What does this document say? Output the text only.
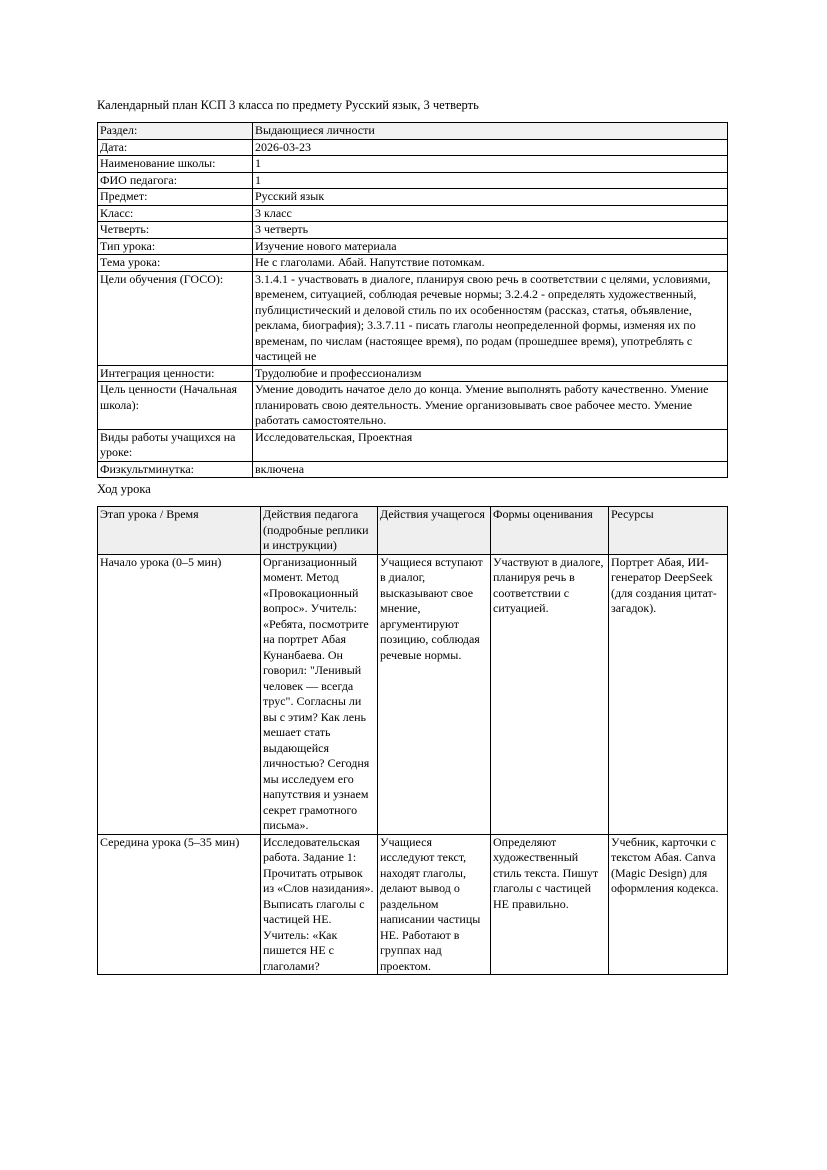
Календарный план КСП 3 класса по предмету Русский язык, 3 четверть
Раздел:	Выдающиеся личности
Дата:	2026-03-23
Наименование школы:	1
ФИО педагога:	1
Предмет:	Русский язык
Класс:	3 класс
Четверть:	3 четверть
Тип урока:	Изучение нового материала
Тема урока:	Не с глаголами. Абай. Напутствие потомкам.
Цели обучения (ГОСО):	3.1.4.1 - участвовать в диалоге, планируя свою речь в соответствии с целями, условиями, временем, ситуацией, соблюдая речевые нормы; 3.2.4.2 - определять художественный, публицистический и деловой стиль по их особенностям (рассказ, статья, объявление, реклама, биография); 3.3.7.11 - писать глаголы неопределенной формы, изменяя их по временам, по числам (настоящее время), по родам (прошедшее время), употреблять с частицей не
Интеграция ценности:	Трудолюбие и профессионализм
Цель ценности (Начальная школа):	Умение доводить начатое дело до конца. Умение выполнять работу качественно. Умение планировать свою деятельность. Умение организовывать свое рабочее место. Умение работать самостоятельно.
Виды работы учащихся на уроке:	Исследовательская, Проектная
Физкультминутка:	включена
Ход урока
Этап урока / Время	Действия педагога (подробные реплики и инструкции)	Действия учащегося	Формы оценивания	Ресурсы
Начало урока (0–5 мин)	Организационный момент. Метод «Провокационный вопрос». Учитель: «Ребята, посмотрите на портрет Абая Кунанбаева. Он говорил: "Ленивый человек — всегда трус". Согласны ли вы с этим? Как лень мешает стать выдающейся личностью? Сегодня мы исследуем его напутствия и узнаем секрет грамотного письма».	Учащиеся вступают в диалог, высказывают свое мнение, аргументируют позицию, соблюдая речевые нормы.	Участвуют в диалоге, планируя речь в соответствии с ситуацией.	Портрет Абая, ИИ-генератор DeepSeek (для создания цитат-загадок).
Середина урока (5–35 мин)	Исследовательская работа. Задание 1: Прочитать отрывок из «Слов назидания». Выписать глаголы с частицей НЕ. Учитель: «Как пишется НЕ с глаголами?	Учащиеся исследуют текст, находят глаголы, делают вывод о раздельном написании частицы НЕ. Работают в группах над проектом.	Определяют художественный стиль текста. Пишут глаголы с частицей НЕ правильно.	Учебник, карточки с текстом Абая. Canva (Magic Design) для оформления кодекса.
